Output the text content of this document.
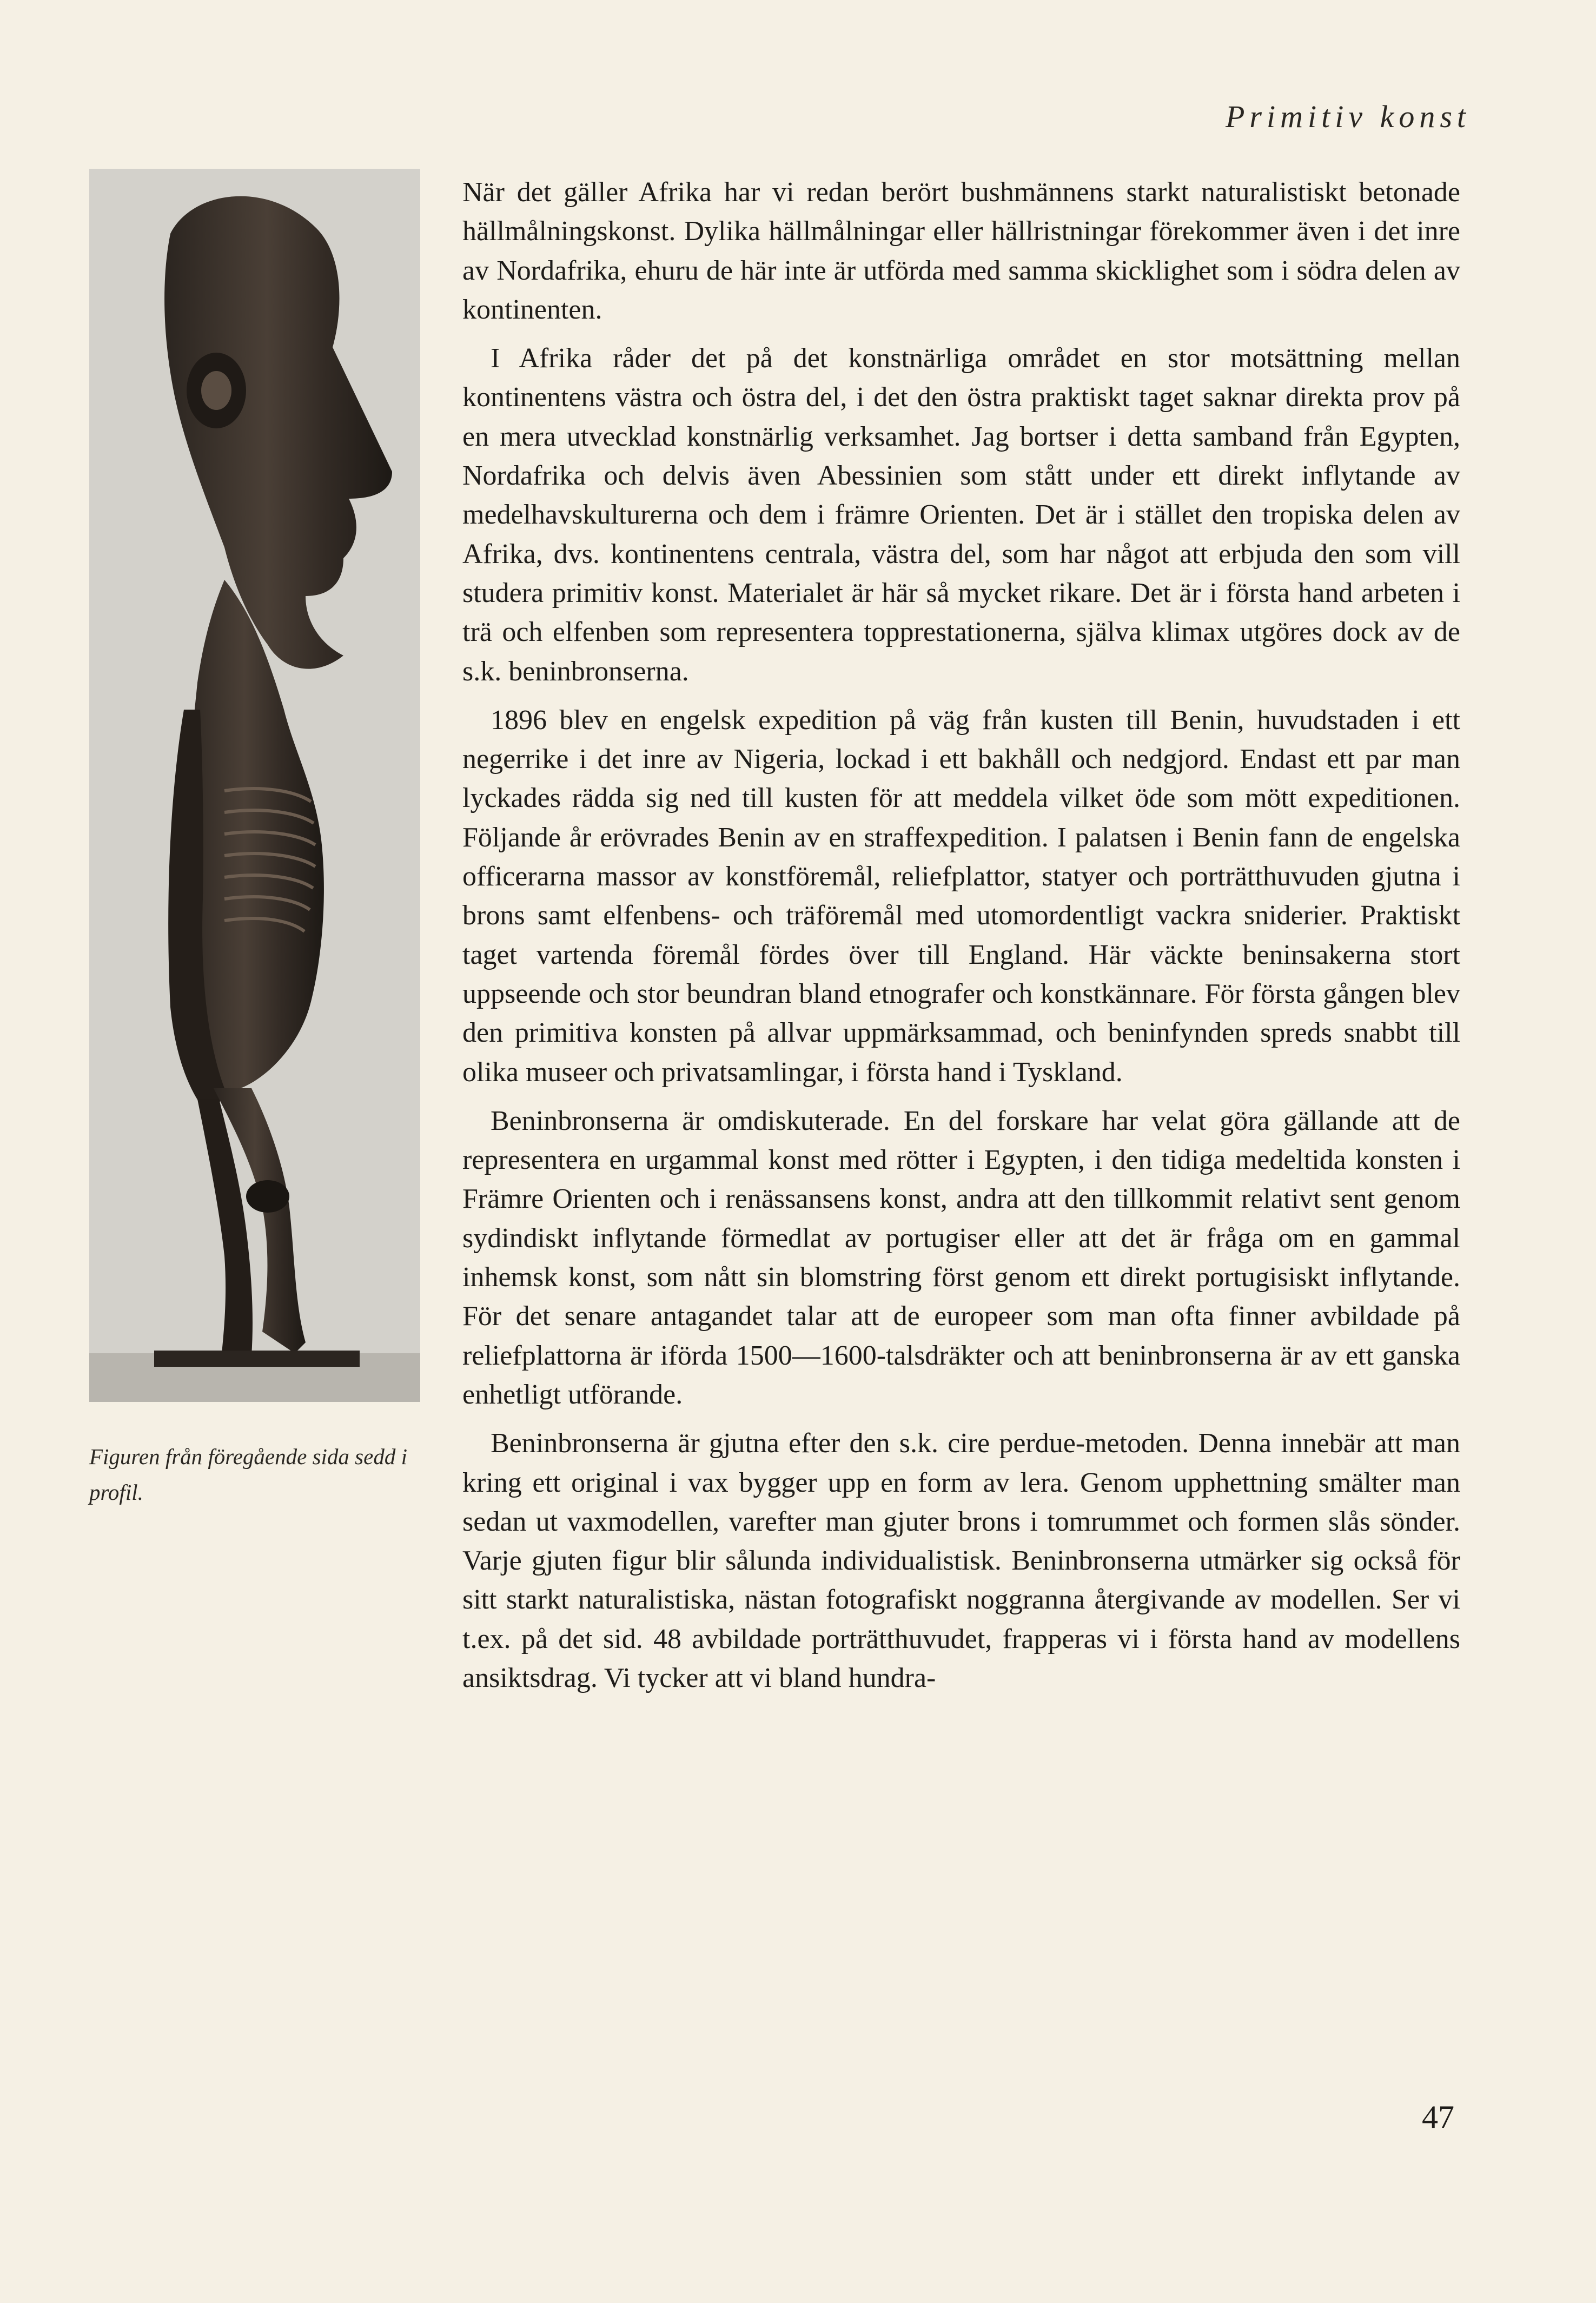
Primitiv konst
Figuren från föregående sida sedd i profil.

När det gäller Afrika har vi redan berört bushmännens starkt naturalistiskt betonade hällmålningskonst. Dylika hällmålningar eller hällristningar förekommer även i det inre av Nordafrika, ehuru de här inte är utförda med samma skicklighet som i södra delen av kontinenten.

I Afrika råder det på det konstnärliga området en stor motsättning mellan kontinentens västra och östra del, i det den östra praktiskt taget saknar direkta prov på en mera utvecklad konstnärlig verksamhet. Jag bortser i detta samband från Egypten, Nordafrika och delvis även Abessinien som stått under ett direkt inflytande av medelhavskulturerna och dem i främre Orienten. Det är i stället den tropiska delen av Afrika, dvs. kontinentens centrala, västra del, som har något att erbjuda den som vill studera primitiv konst. Materialet är här så mycket rikare. Det är i första hand arbeten i trä och elfenben som representera topprestationerna, själva klimax utgöres dock av de s.k. beninbronserna.

1896 blev en engelsk expedition på väg från kusten till Benin, huvudstaden i ett negerrike i det inre av Nigeria, lockad i ett bakhåll och nedgjord. Endast ett par man lyckades rädda sig ned till kusten för att meddela vilket öde som mött expeditionen. Följande år erövrades Benin av en straffexpedition. I palatsen i Benin fann de engelska officerarna massor av konstföremål, reliefplattor, statyer och porträtthuvuden gjutna i brons samt elfenbens- och träföremål med utomordentligt vackra sniderier. Praktiskt taget vartenda föremål fördes över till England. Här väckte beninsakerna stort uppseende och stor beundran bland etnografer och konstkännare. För första gången blev den primitiva konsten på allvar uppmärksammad, och beninfynden spreds snabbt till olika museer och privatsamlingar, i första hand i Tyskland.

Beninbronserna är omdiskuterade. En del forskare har velat göra gällande att de representera en urgammal konst med rötter i Egypten, i den tidiga medeltida konsten i Främre Orienten och i renässansens konst, andra att den tillkommit relativt sent genom sydindiskt inflytande förmedlat av portugiser eller att det är fråga om en gammal inhemsk konst, som nått sin blomstring först genom ett direkt portugisiskt inflytande. För det senare antagandet talar att de europeer som man ofta finner avbildade på reliefplattorna är iförda 1500—1600-talsdräkter och att beninbronserna är av ett ganska enhetligt utförande.

Beninbronserna är gjutna efter den s.k. cire perdue-metoden. Denna innebär att man kring ett original i vax bygger upp en form av lera. Genom upphettning smälter man sedan ut vaxmodellen, varefter man gjuter brons i tomrummet och formen slås sönder. Varje gjuten figur blir sålunda individualistisk. Beninbronserna utmärker sig också för sitt starkt naturalistiska, nästan fotografiskt noggranna återgivande av modellen. Ser vi t.ex. på det sid. 48 avbildade porträtthuvudet, frapperas vi i första hand av modellens ansiktsdrag. Vi tycker att vi bland hundra-

47
